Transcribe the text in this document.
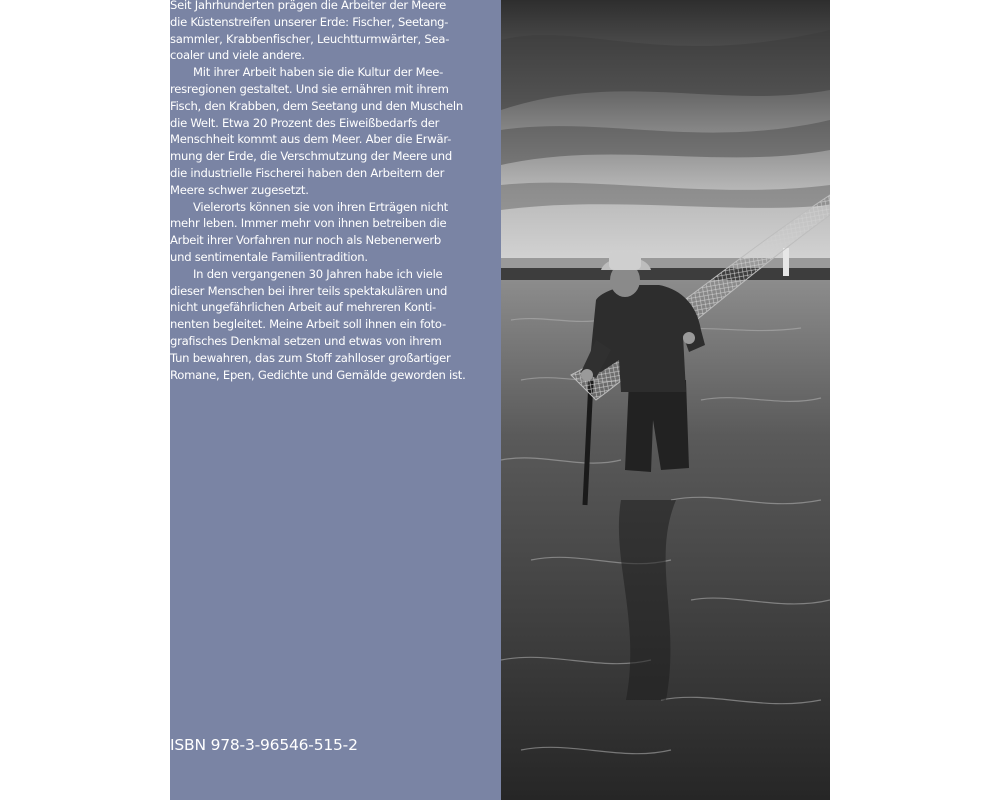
Seit Jahrhunderten prägen die Arbeiter der Meere
die Küstenstreifen unserer Erde: Fischer, Seetang-
sammler, Krabbenfischer, Leuchtturmwärter, Sea-
coaler und viele andere.

Mit ihrer Arbeit haben sie die Kultur der Mee-
resregionen gestaltet. Und sie ernähren mit ihrem
Fisch, den Krabben, dem Seetang und den Muscheln
die Welt. Etwa 20 Prozent des Eiweißbedarfs der
Menschheit kommt aus dem Meer. Aber die Erwär-
mung der Erde, die Verschmutzung der Meere und
die industrielle Fischerei haben den Arbeitern der
Meere schwer zugesetzt.

Vielerorts können sie von ihren Erträgen nicht
mehr leben. Immer mehr von ihnen betreiben die
Arbeit ihrer Vorfahren nur noch als Nebenerwerb
und sentimentale Familientradition.

In den vergangenen 30 Jahren habe ich viele
dieser Menschen bei ihrer teils spektakulären und
nicht ungefährlichen Arbeit auf mehreren Konti-
nenten begleitet. Meine Arbeit soll ihnen ein foto-
grafisches Denkmal setzen und etwas von ihrem
Tun bewahren, das zum Stoff zahlloser großartiger
Romane, Epen, Gedichte und Gemälde geworden ist.

ISBN 978-3-96546-515-2
